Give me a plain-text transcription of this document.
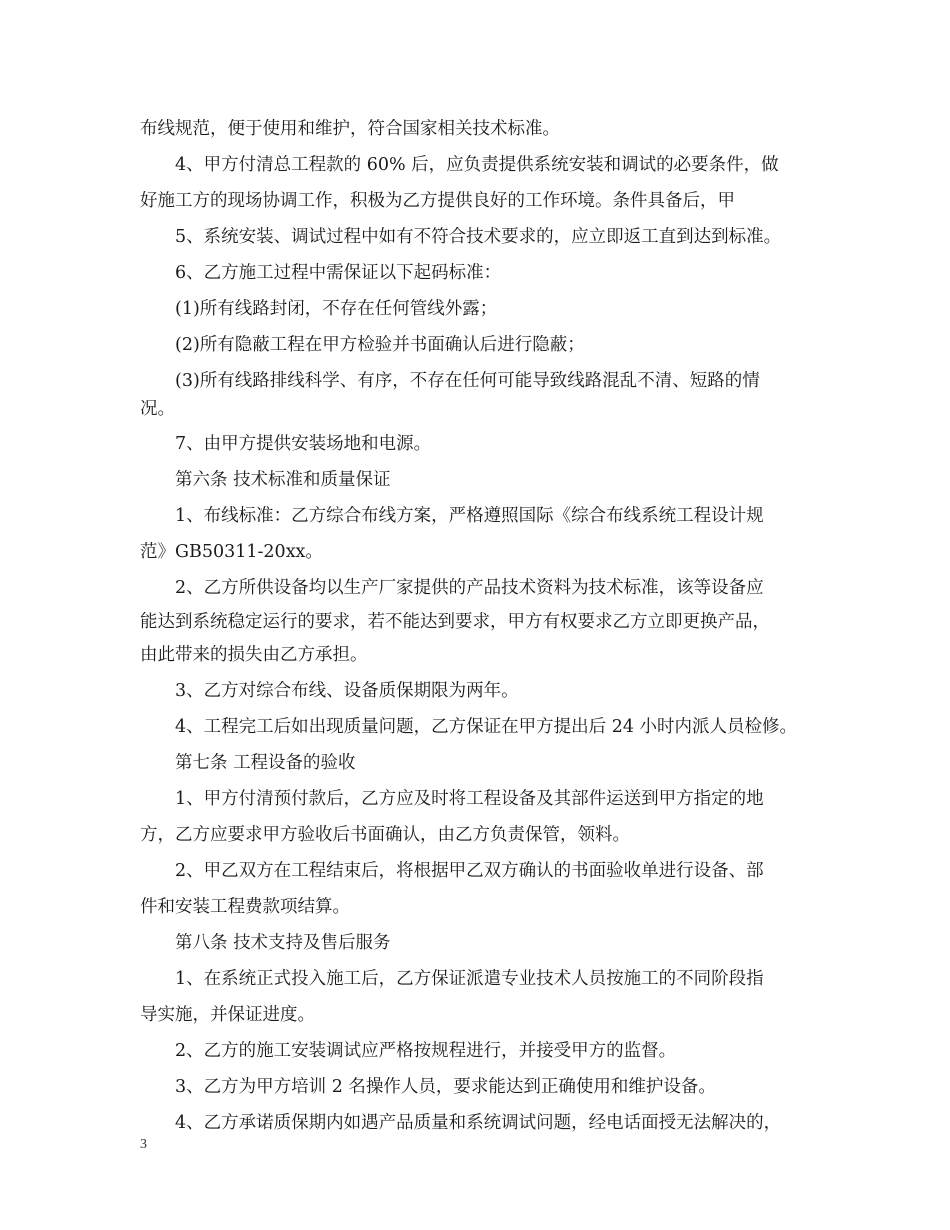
布线规范，便于使用和维护，符合国家相关技术标准。
4、甲方付清总工程款的 60% 后，应负责提供系统安装和调试的必要条件，做
好施工方的现场协调工作，积极为乙方提供良好的工作环境。条件具备后，甲
5、系统安装、调试过程中如有不符合技术要求的，应立即返工直到达到标准。
6、乙方施工过程中需保证以下起码标准：
(1)所有线路封闭，不存在任何管线外露；
(2)所有隐蔽工程在甲方检验并书面确认后进行隐蔽；
(3)所有线路排线科学、有序，不存在任何可能导致线路混乱不清、短路的情
况。
7、由甲方提供安装场地和电源。
第六条 技术标准和质量保证
1、布线标准：乙方综合布线方案，严格遵照国际《综合布线系统工程设计规
范》GB50311-20xx。
2、乙方所供设备均以生产厂家提供的产品技术资料为技术标准，该等设备应
能达到系统稳定运行的要求，若不能达到要求，甲方有权要求乙方立即更换产品，
由此带来的损失由乙方承担。
3、乙方对综合布线、设备质保期限为两年。
4、工程完工后如出现质量问题，乙方保证在甲方提出后 24 小时内派人员检修。
第七条 工程设备的验收
1、甲方付清预付款后，乙方应及时将工程设备及其部件运送到甲方指定的地
方，乙方应要求甲方验收后书面确认，由乙方负责保管，领料。
2、甲乙双方在工程结束后，将根据甲乙双方确认的书面验收单进行设备、部
件和安装工程费款项结算。
第八条 技术支持及售后服务
1、在系统正式投入施工后，乙方保证派遣专业技术人员按施工的不同阶段指
导实施，并保证进度。
2、乙方的施工安装调试应严格按规程进行，并接受甲方的监督。
3、乙方为甲方培训 2 名操作人员，要求能达到正确使用和维护设备。
4、乙方承诺质保期内如遇产品质量和系统调试问题，经电话面授无法解决的，
3
